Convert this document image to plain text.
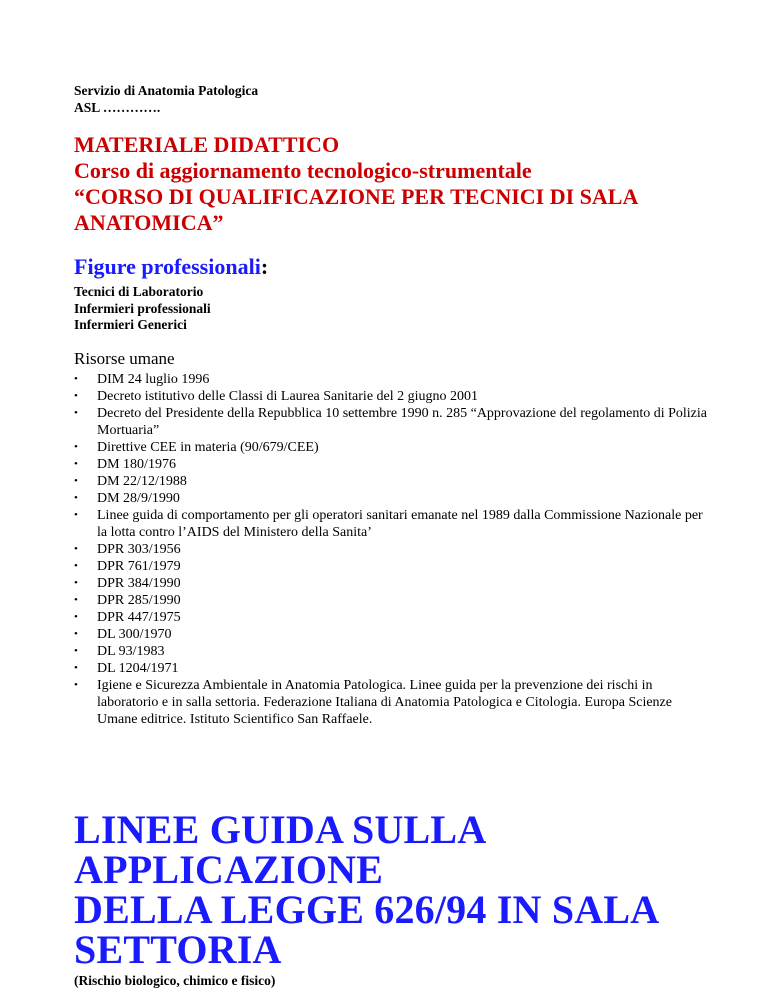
Servizio di Anatomia Patologica

ASL ………….

MATERIALE DIDATTICO
Corso di aggiornamento tecnologico-strumentale
“CORSO DI QUALIFICAZIONE PER TECNICI DI SALA
ANATOMICA”
Figure professionali:
Tecnici di Laboratorio
Infermieri professionali
Infermieri Generici
Risorse umane
• DIM 24 luglio 1996
• Decreto istitutivo delle Classi di Laurea Sanitarie del 2 giugno 2001
• Decreto del Presidente della Repubblica 10 settembre 1990 n. 285 “Approvazione del regolamento di Polizia Mortuaria”
• Direttive CEE in materia (90/679/CEE)
• DM 180/1976
• DM 22/12/1988
• DM 28/9/1990
• Linee guida di comportamento per gli operatori sanitari emanate nel 1989 dalla Commissione Nazionale per la lotta contro l’AIDS del Ministero della Sanita’
• DPR 303/1956
• DPR 761/1979
• DPR 384/1990
• DPR 285/1990
• DPR 447/1975
• DL 300/1970
• DL 93/1983
• DL 1204/1971
• Igiene e Sicurezza Ambientale in Anatomia Patologica. Linee guida per la prevenzione dei rischi in laboratorio e in salla settoria. Federazione Italiana di Anatomia Patologica e Citologia. Europa Scienze Umane editrice. Istituto Scientifico San Raffaele.
LINEE GUIDA SULLA APPLICAZIONE
DELLA LEGGE 626/94 IN SALA
SETTORIA
(Rischio biologico, chimico e fisico)
